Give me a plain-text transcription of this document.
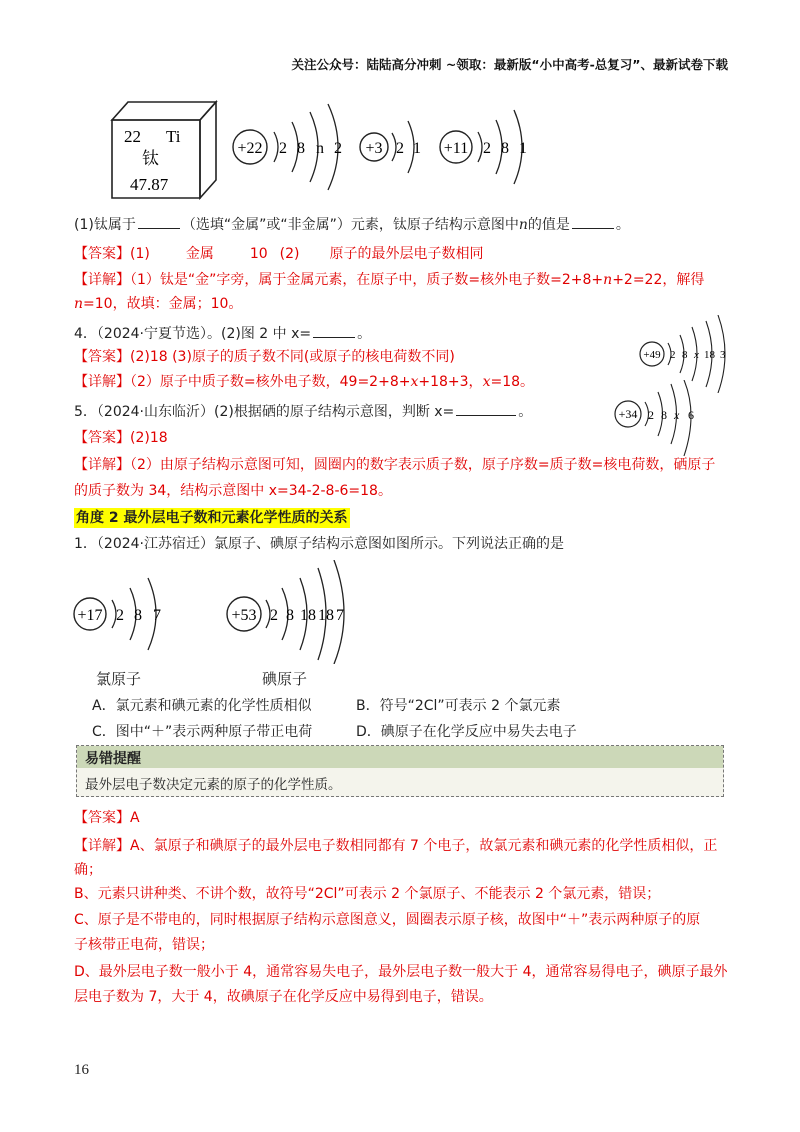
关注公众号：陆陆高分冲刺 ~领取：最新版“小中高考-总复习”、最新试卷下载
22 Ti
钛
47.87
+22 2 8 n 2 +3 2 1 +11 2 8 1
(1)钛属于	（选填“金属”或“非金属”）元素，钛原子结构示意图中n的值是	。
【答案】(1)	金属	10 (2) 原子的最外层电子数相同
【详解】（1）钛是“金”字旁，属于金属元素，在原子中，质子数=核外电子数=2+8+n+2=22，解得
n=10，故填：金属；10。
4．（2024·宁夏节选）。(2)图 2 中 x=	。
【答案】(2)18 (3)原子的质子数不同(或原子的核电荷数不同)
【详解】（2）原子中质子数=核外电子数，49=2+8+x+18+3，x=18。
+49 2 8 x 18 3
5．（2024·山东临沂）(2)根据硒的原子结构示意图，判断 x=	。
【答案】(2)18
+34 2 8 x 6
【详解】（2）由原子结构示意图可知，圆圈内的数字表示质子数，原子序数=质子数=核电荷数，硒原子
的质子数为 34，结构示意图中 x=34-2-8-6=18。
角度 2 最外层电子数和元素化学性质的关系
1．（2024·江苏宿迁）氯原子、碘原子结构示意图如图所示。下列说法正确的是
+17 2 8 7
氯原子
+53 2 8 18 18 7
碘原子
A．氯元素和碘元素的化学性质相似	B．符号“2Cl”可表示 2 个氯元素
C．图中“＋”表示两种原子带正电荷	D．碘原子在化学反应中易失去电子
易错提醒
最外层电子数决定元素的原子的化学性质。
【答案】A
【详解】A、氯原子和碘原子的最外层电子数相同都有 7 个电子，故氯元素和碘元素的化学性质相似，正
确；
B、元素只讲种类、不讲个数，故符号“2Cl”可表示 2 个氯原子、不能表示 2 个氯元素，错误；
C、原子是不带电的，同时根据原子结构示意图意义，圆圈表示原子核，故图中“＋”表示两种原子的原
子核带正电荷，错误；
D、最外层电子数一般小于 4，通常容易失电子，最外层电子数一般大于 4，通常容易得电子，碘原子最外
层电子数为 7，大于 4，故碘原子在化学反应中易得到电子，错误。
16
